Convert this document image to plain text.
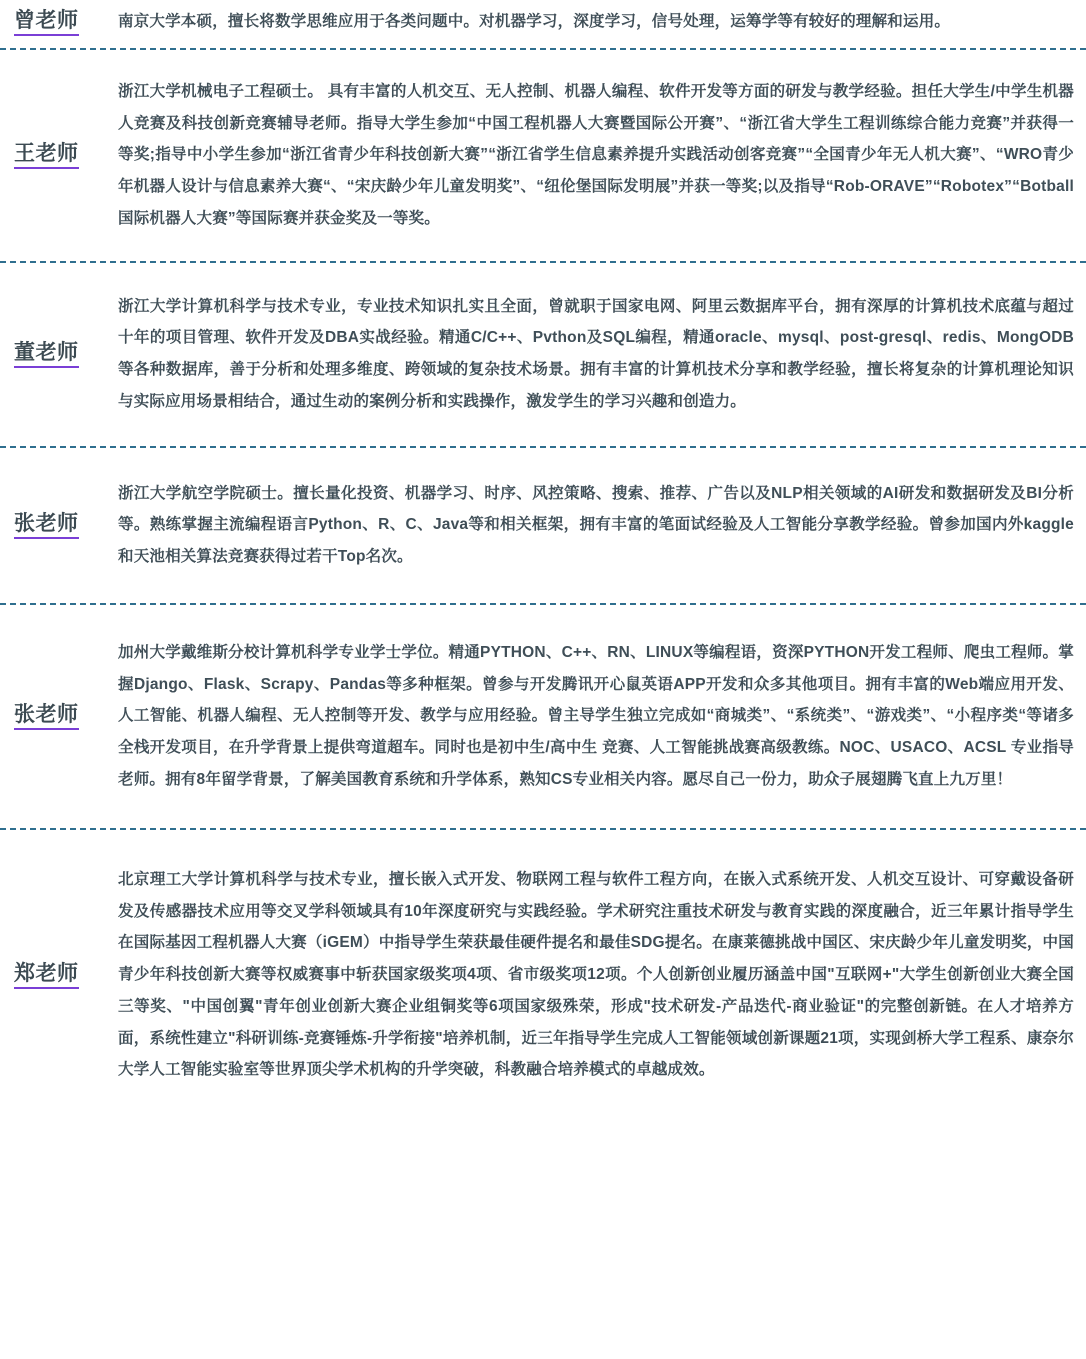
曾老师	南京大学本硕，擅长将数学思维应用于各类问题中。对机器学习，深度学习，信号处理，运筹学等有较好的理解和运用。
王老师
浙江大学机械电子工程硕士。 具有丰富的人机交互、无人控制、机器人编程、软件开发等方面的研发与教学经验。担任大学生/中学生机器人竞赛及科技创新竞赛辅导老师。指导大学生参加“中国工程机器人大赛暨国际公开赛”、“浙江省大学生工程训练综合能力竞赛”并获得一等奖;指导中小学生参加“浙江省青少年科技创新大赛”“浙江省学生信息素养提升实践活动创客竞赛”“全国青少年无人机大赛”、“WRO青少年机器人设计与信息素养大赛“、“宋庆龄少年儿童发明奖”、“纽伦堡国际发明展”并获一等奖;以及指导“Rob-ORAVE”“Robotex”“Botball国际机器人大赛”等国际赛并获金奖及一等奖。
董老师
浙江大学计算机科学与技术专业，专业技术知识扎实且全面，曾就职于国家电网、阿里云数据库平台，拥有深厚的计算机技术底蕴与超过十年的项目管理、软件开发及DBA实战经验。精通C/C++、Pvthon及SQL编程，精通oracle、mysql、post-gresql、redis、MongODB等各种数据库，善于分析和处理多维度、跨领域的复杂技术场景。拥有丰富的计算机技术分享和教学经验，擅长将复杂的计算机理论知识与实际应用场景相结合，通过生动的案例分析和实践操作，激发学生的学习兴趣和创造力。
张老师
浙江大学航空学院硕士。擅长量化投资、机器学习、时序、风控策略、搜索、推荐、广告以及NLP相关领域的AI研发和数据研发及BI分析等。熟练掌握主流编程语言Python、R、C、Java等和相关框架，拥有丰富的笔面试经验及人工智能分享教学经验。曾参加国内外kaggle和天池相关算法竞赛获得过若干Top名次。
张老师
加州大学戴维斯分校计算机科学专业学士学位。精通PYTHON、C++、RN、LINUX等编程语，资深PYTHON开发工程师、爬虫工程师。掌握Django、Flask、Scrapy、Pandas等多种框架。曾参与开发腾讯开心鼠英语APP开发和众多其他项目。拥有丰富的Web端应用开发、人工智能、机器人编程、无人控制等开发、教学与应用经验。曾主导学生独立完成如“商城类”、“系统类”、“游戏类”、“小程序类“等诸多全栈开发项目，在升学背景上提供弯道超车。同时也是初中生/高中生 竞赛、人工智能挑战赛高级教练。NOC、USACO、ACSL 专业指导老师。拥有8年留学背景，了解美国教育系统和升学体系，熟知CS专业相关内容。愿尽自己一份力，助众子展翅腾飞直上九万里！
郑老师
北京理工大学计算机科学与技术专业，擅长嵌入式开发、物联网工程与软件工程方向，在嵌入式系统开发、人机交互设计、可穿戴设备研发及传感器技术应用等交叉学科领域具有10年深度研究与实践经验。学术研究注重技术研发与教育实践的深度融合，近三年累计指导学生在国际基因工程机器人大赛（iGEM）中指导学生荣获最佳硬件提名和最佳SDG提名。在康莱德挑战中国区、宋庆龄少年儿童发明奖，中国青少年科技创新大赛等权威赛事中斩获国家级奖项4项、省市级奖项12项。个人创新创业履历涵盖中国"互联网+"大学生创新创业大赛全国三等奖、"中国创翼"青年创业创新大赛企业组铜奖等6项国家级殊荣，形成"技术研发-产品迭代-商业验证"的完整创新链。在人才培养方面，系统性建立"科研训练-竞赛锤炼-升学衔接"培养机制，近三年指导学生完成人工智能领域创新课题21项，实现剑桥大学工程系、康奈尔大学人工智能实验室等世界顶尖学术机构的升学突破，科教融合培养模式的卓越成效。
